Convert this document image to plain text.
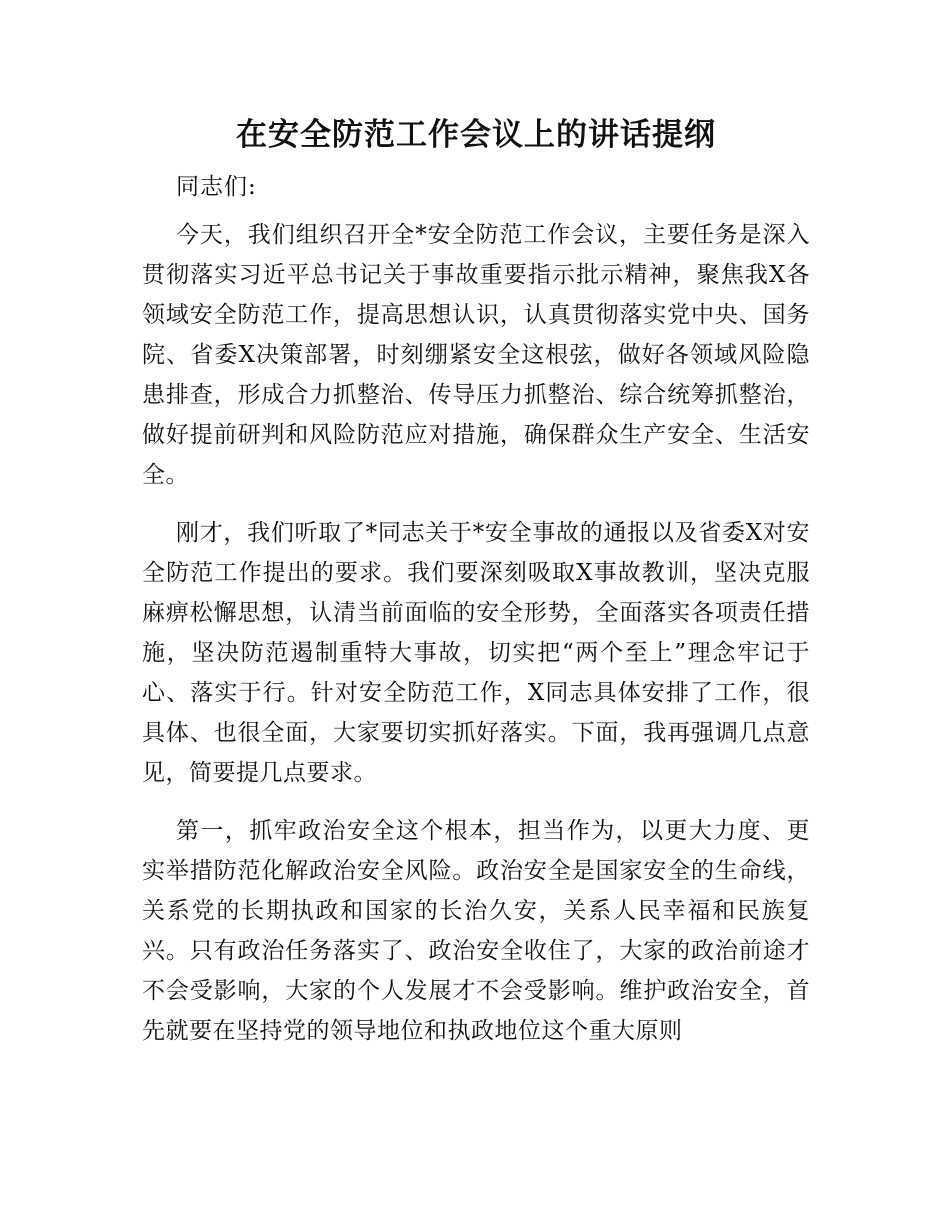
在安全防范工作会议上的讲话提纲

同志们:

今天，我们组织召开全*安全防范工作会议，主要任务是深入贯彻落实习近平总书记关于事故重要指示批示精神，聚焦我X各领域安全防范工作，提高思想认识，认真贯彻落实党中央、国务院、省委X决策部署，时刻绷紧安全这根弦，做好各领域风险隐患排查，形成合力抓整治、传导压力抓整治、综合统筹抓整治，做好提前研判和风险防范应对措施，确保群众生产安全、生活安全。

刚才，我们听取了*同志关于*安全事故的通报以及省委X对安全防范工作提出的要求。我们要深刻吸取X事故教训，坚决克服麻痹松懈思想，认清当前面临的安全形势，全面落实各项责任措施，坚决防范遏制重特大事故，切实把“两个至上”理念牢记于心、落实于行。针对安全防范工作，X同志具体安排了工作，很具体、也很全面，大家要切实抓好落实。下面，我再强调几点意见，简要提几点要求。

第一，抓牢政治安全这个根本，担当作为，以更大力度、更实举措防范化解政治安全风险。政治安全是国家安全的生命线，关系党的长期执政和国家的长治久安，关系人民幸福和民族复兴。只有政治任务落实了、政治安全收住了，大家的政治前途才不会受影响，大家的个人发展才不会受影响。维护政治安全，首先就要在坚持党的领导地位和执政地位这个重大原则
